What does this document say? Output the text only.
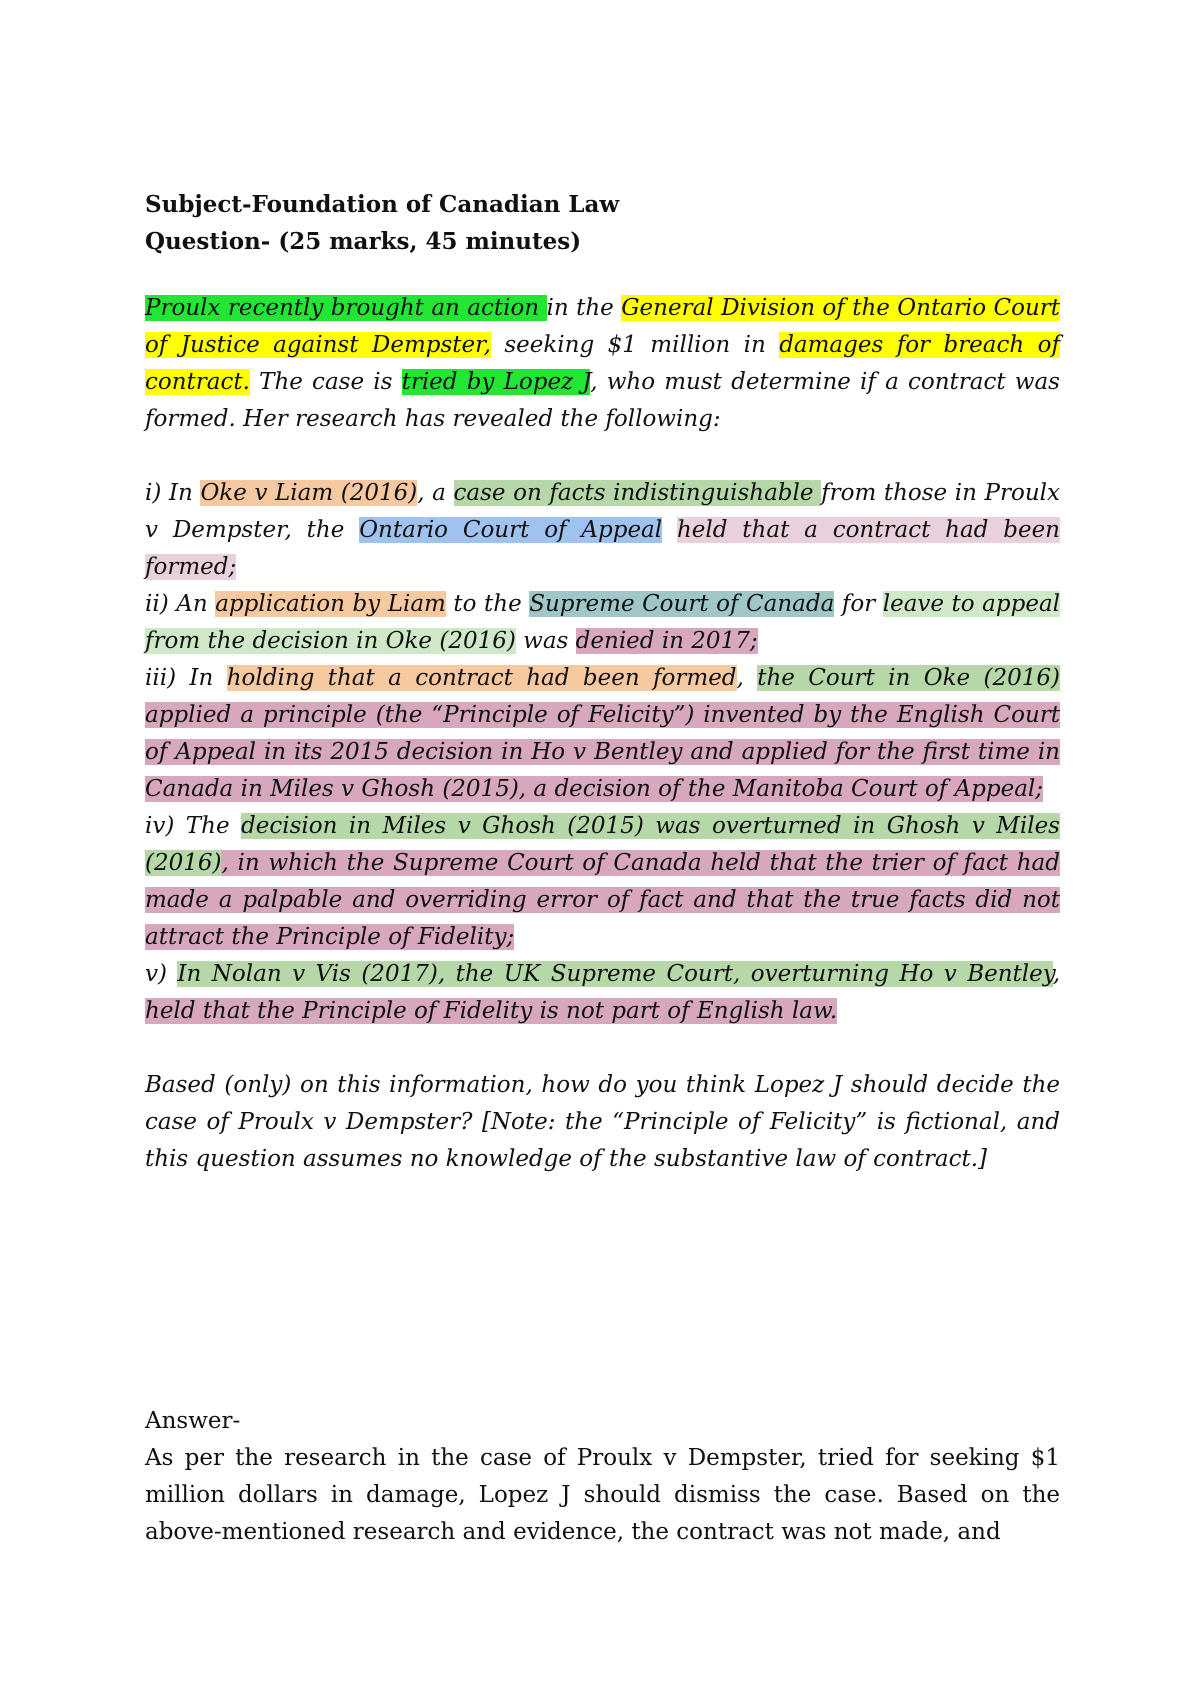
Subject-Foundation of Canadian Law
Question- (25 marks, 45 minutes)

Proulx recently brought an action in the General Division of the Ontario Court of Justice against Dempster, seeking $1 million in damages for breach of contract. The case is tried by Lopez J, who must determine if a contract was formed. Her research has revealed the following:

i) In Oke v Liam (2016), a case on facts indistinguishable from those in Proulx v Dempster, the Ontario Court of Appeal held that a contract had been formed;

ii) An application by Liam to the Supreme Court of Canada for leave to appeal from the decision in Oke (2016) was denied in 2017;

iii) In holding that a contract had been formed, the Court in Oke (2016) applied a principle (the “Principle of Felicity”) invented by the English Court of Appeal in its 2015 decision in Ho v Bentley and applied for the first time in Canada in Miles v Ghosh (2015), a decision of the Manitoba Court of Appeal;

iv) The decision in Miles v Ghosh (2015) was overturned in Ghosh v Miles (2016), in which the Supreme Court of Canada held that the trier of fact had made a palpable and overriding error of fact and that the true facts did not attract the Principle of Fidelity;

v) In Nolan v Vis (2017), the UK Supreme Court, overturning Ho v Bentley, held that the Principle of Fidelity is not part of English law.

Based (only) on this information, how do you think Lopez J should decide the case of Proulx v Dempster? [Note: the “Principle of Felicity” is fictional, and this question assumes no knowledge of the substantive law of contract.]

Answer-

As per the research in the case of Proulx v Dempster, tried for seeking $1 million dollars in damage, Lopez J should dismiss the case. Based on the above-mentioned research and evidence, the contract was not made, and
